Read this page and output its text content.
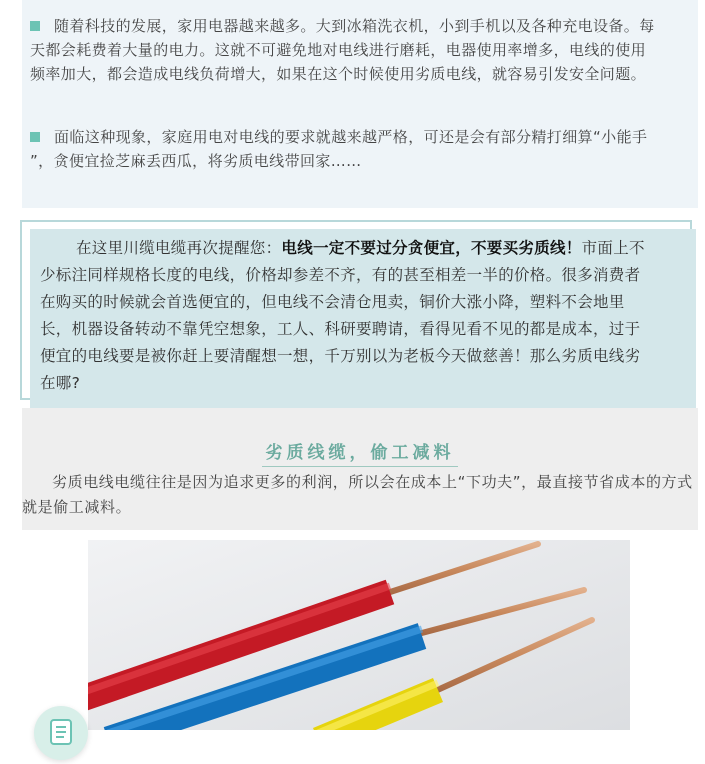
随着科技的发展，家用电器越来越多。大到冰箱洗衣机，小到手机以及各种充电设备。每天都会耗费着大量的电力。这就不可避免地对电线进行磨耗，电器使用率增多，电线的使用频率加大，都会造成电线负荷增大，如果在这个时候使用劣质电线，就容易引发安全问题。
面临这种现象，家庭用电对电线的要求就越来越严格，可还是会有部分精打细算“小能手 ”，贪便宜捡芝麻丢西瓜，将劣质电线带回家……
在这里川缆电缆再次提醒您：电线一定不要过分贪便宜，不要买劣质线！市面上不少标注同样规格长度的电线，价格却参差不齐，有的甚至相差一半的价格。很多消费者在购买的时候就会首选便宜的，但电线不会清仓甩卖，铜价大涨小降，塑料不会地里长，机器设备转动不靠凭空想象，工人、科研要聘请，看得见看不见的都是成本，过于便宜的电线要是被你赶上要清醒想一想，千万别以为老板今天做慈善！那么劣质电线劣在哪?
劣质线缆，偷工减料
劣质电线电缆往往是因为追求更多的利润，所以会在成本上“下功夫”，最直接节省成本的方式就是偷工减料。
